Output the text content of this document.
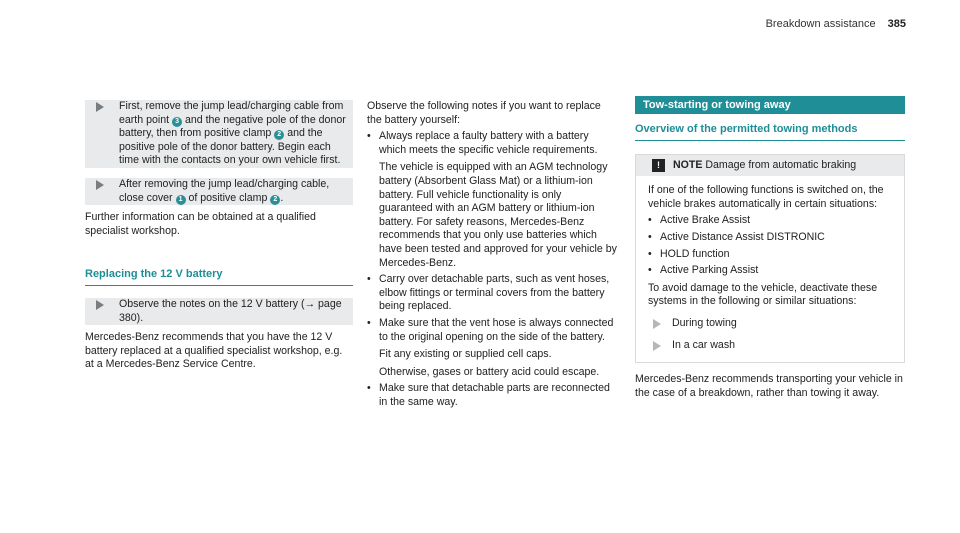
Breakdown assistance 385

First, remove the jump lead/charging cable from earth point 3 and the negative pole of the donor battery, then from positive clamp 2 and the positive pole of the donor battery. Begin each time with the contacts on your own vehicle first.

After removing the jump lead/charging cable, close cover 1 of positive clamp 2 .

Further information can be obtained at a qualified specialist workshop.

Replacing the 12 V battery

Observe the notes on the 12 V battery (→ page 380).

Mercedes-Benz recommends that you have the 12 V battery replaced at a qualified specialist workshop, e.g. at a Mercedes-Benz Service Centre.

Observe the following notes if you want to replace the battery yourself:

• Always replace a faulty battery with a battery which meets the specific vehicle requirements.

The vehicle is equipped with an AGM technology battery (Absorbent Glass Mat) or a lithium-ion battery. Full vehicle functionality is only guaranteed with an AGM battery or lithium-ion battery. For safety reasons, Mercedes-Benz recommends that you only use batteries which have been tested and approved for your vehicle by Mercedes-Benz.

• Carry over detachable parts, such as vent hoses, elbow fittings or terminal covers from the battery being replaced.

• Make sure that the vent hose is always connected to the original opening on the side of the battery.

Fit any existing or supplied cell caps.

Otherwise, gases or battery acid could escape.

• Make sure that detachable parts are reconnected in the same way.

Tow-starting or towing away
Overview of the permitted towing methods
!	NOTE Damage from automatic braking

If one of the following functions is switched on, the vehicle brakes automatically in certain situations:

• Active Brake Assist
• Active Distance Assist DISTRONIC
• HOLD function
• Active Parking Assist

To avoid damage to the vehicle, deactivate these systems in the following or similar situations:

During towing

In a car wash

Mercedes-Benz recommends transporting your vehicle in the case of a breakdown, rather than towing it away.
